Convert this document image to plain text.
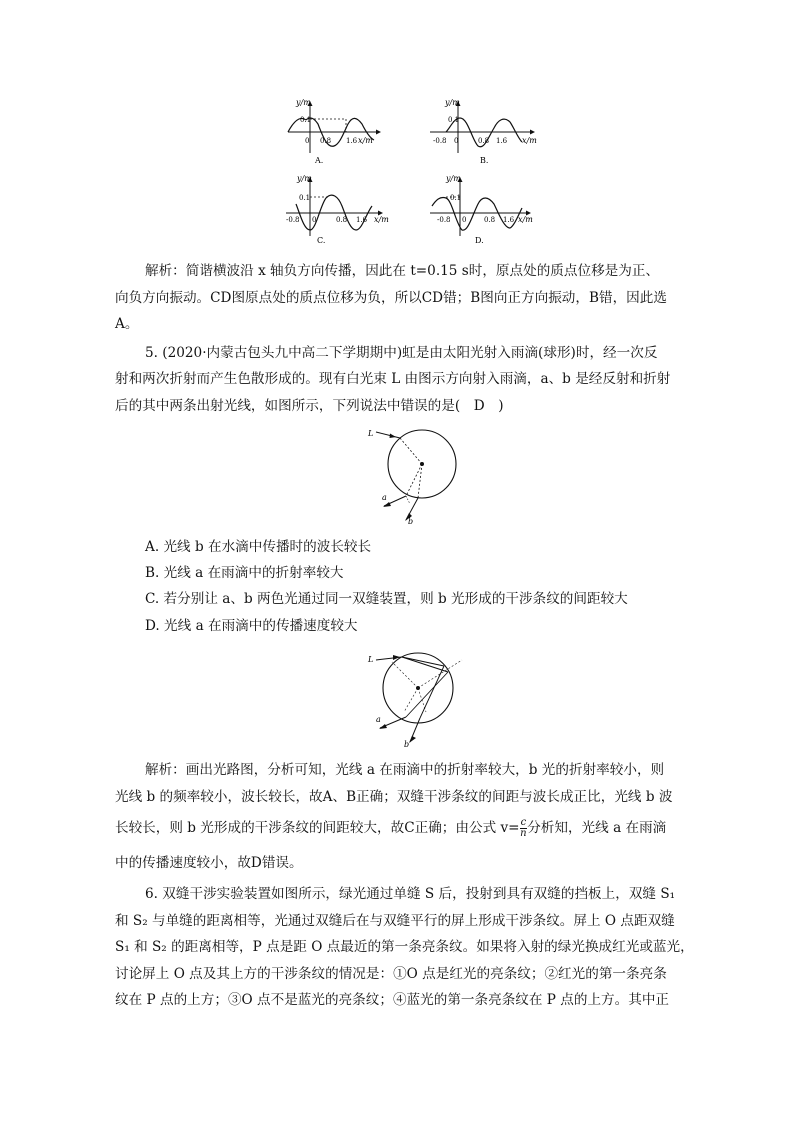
y/m
0.1
0 0.8 1.6 x/m
A.
y/m
0.1
-0.8 0	0.8 1.6 x/m
B.
y/m
0.1
-0.8 0	0.8 1.6 x/m
C.
y/m
0.1
-0.8 0	0.8 1.6 x/m
D.
解析：简谐横波沿 x 轴负方向传播，因此在 t=0.15 s时，原点处的质点位移是为正、
向负方向振动。CD图原点处的质点位移为负，所以CD错；B图向正方向振动，B错，因此选
A。
5. (2020·内蒙古包头九中高二下学期期中)虹是由太阳光射入雨滴(球形)时，经一次反
射和两次折射而产生色散形成的。现有白光束 L 由图示方向射入雨滴，a、b 是经反射和折射
后的其中两条出射光线，如图所示，下列说法中错误的是(　D　)
L
a
b
A. 光线 b 在水滴中传播时的波长较长
B. 光线 a 在雨滴中的折射率较大
C. 若分别让 a、b 两色光通过同一双缝装置，则 b 光形成的干涉条纹的间距较大
D. 光线 a 在雨滴中的传播速度较大
L
a
b
解析：画出光路图，分析可知，光线 a 在雨滴中的折射率较大，b 光的折射率较小，则
光线 b 的频率较小，波长较长，故A、B正确；双缝干涉条纹的间距与波长成正比，光线 b 波
长较长，则 b 光形成的干涉条纹的间距较大，故C正确；由公式 $v= \frac{c}{n}$ 分析知，光线 a 在雨滴
中的传播速度较小，故D错误。
6. 双缝干涉实验装置如图所示，绿光通过单缝 S 后，投射到具有双缝的挡板上，双缝 S₁
和 S₂ 与单缝的距离相等，光通过双缝后在与双缝平行的屏上形成干涉条纹。屏上 O 点距双缝
S₁ 和 S₂ 的距离相等，P 点是距 O 点最近的第一条亮条纹。如果将入射的绿光换成红光或蓝光，
讨论屏上 O 点及其上方的干涉条纹的情况是：①O 点是红光的亮条纹；②红光的第一条亮条
纹在 P 点的上方；③O 点不是蓝光的亮条纹；④蓝光的第一条亮条纹在 P 点的上方。其中正
